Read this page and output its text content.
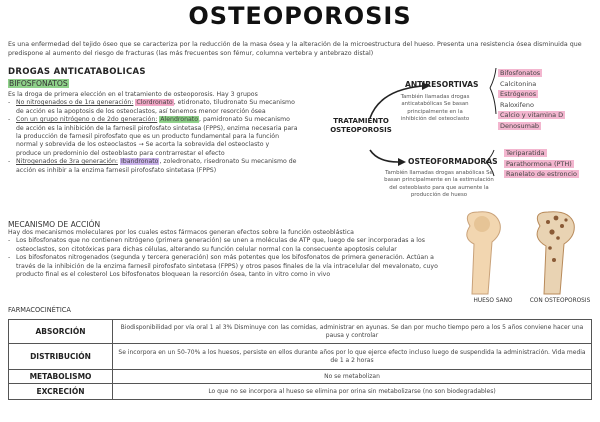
OSTEOPOROSIS
Es una enfermedad del tejido óseo que se caracteriza por la reducción de la masa ósea y la alteración de la microestructura del hueso. Presenta una resistencia ósea disminuida que predispone al aumento del riesgo de fracturas (las más frecuentes son fémur, columna vertebra y antebrazo distal)
DROGAS ANTICATABOLICAS
BIFOSFONATOS
Es la droga de primera elección en el tratamiento de osteoporosis. Hay 3 grupos
- No nitrogenados o de 1ra generación: Clordronato, etidronato, tiludronato Su mecanismo
de acción es la apoptosis de los osteoclastos, así tenemos menor resorción ósea
- Con un grupo nitrógeno o de 2do generación: Alendronato, pamidronato Su mecanismo
de acción es la inhibición de la farnesil pirofosfato sintetasa (FPPS), enzima necesaria para
la producción de farnesil pirofosfato que es un producto fundamental para la función
normal y sobrevida de los osteoclastos → Se acorta la sobrevida del osteoclasto y
produce un predominio del osteoblasto para contrarrestar el efecto
- Nitrogenados de 3ra generación: Ibandronato, zoledronato, risedronato Su mecanismo de
acción es inhibir a la enzima farnesil pirofosfato sintetasa (FPPS)
TRATAMIENTO OSTEOPOROSIS
ANTIRESORTIVAS
También llamadas drogas anticatabólicas Se basan principalmente en la inhibición del osteoclasto
Bifosfonatos
Calcitonina
Estrógenos
Raloxifeno
Calcio y vitamina D
Denosumab
OSTEOFORMADORAS
También llamadas drogas anabólicas Se basan principalmente en la estimulación del osteoblasto para que aumente la producción de hueso
Teriparatida
Parathormona (PTH)
Ranelato de estroncio
MECANISMO DE ACCIÓN
Hay dos mecanismos moleculares por los cuales estos fármacos generan efectos sobre la función osteoblástica
- Los bifosfonatos que no contienen nitrógeno (primera generación) se unen a moléculas de ATP que, luego de ser incorporadas a los osteoclastos, son citotóxicas para dichas células, alterando su función celular normal con la consecuente apoptosis celular
- Los bifosfonatos nitrogenados (segunda y tercera generación) son más potentes que los bifosfonatos de primera generación. Actúan a través de la inhibición de la enzima farnesil pirofosfato sintetasa (FPPS) y otros pasos finales de la vía intracelular del mevalonato, cuyo producto final es el colesterol Los bifosfonatos bloquean la resorción ósea, tanto in vitro como in vivo
HUESO SANO	CON OSTEOPOROSIS
FARMACOCINÉTICA
ABSORCIÓN	Biodisponibilidad por vía oral 1 al 3% Disminuye con las comidas, administrar en ayunas. Se dan por mucho tiempo pero a los 5 años conviene hacer una pausa y controlar
DISTRIBUCIÓN	Se incorpora en un 50-70% a los huesos, persiste en ellos durante años por lo que ejerce efecto incluso luego de suspendida la administración. Vida media de 1 a 2 horas
METABOLISMO	No se metabolizan
EXCRECIÓN	Lo que no se incorpora al hueso se elimina por orina sin metabolizarse (no son biodegradables)
